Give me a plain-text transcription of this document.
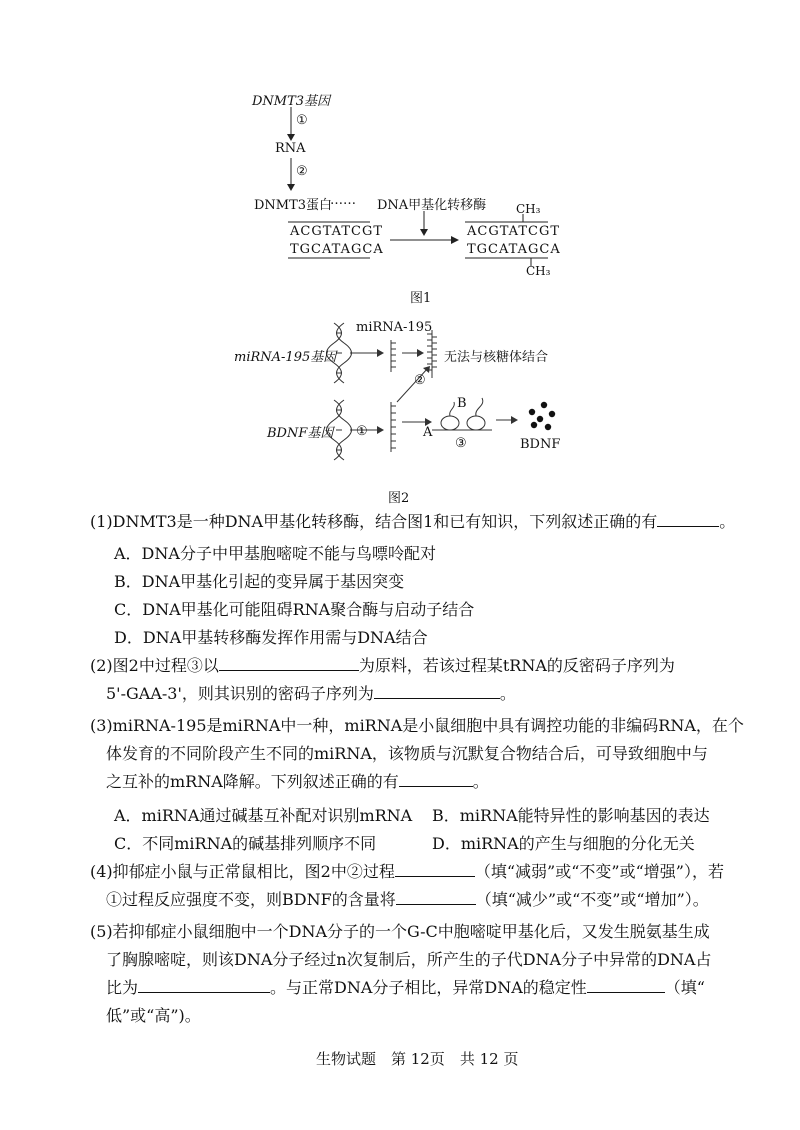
DNMT3基因
①
RNA
②
DNMT3蛋白
…… DNA甲基化转移酶
ACGTATCGT
TGCATAGCA
ACGTATCGT
TGCATAGCA
CH₃
CH₃
图1
miRNA-195
miRNA-195基因	无法与核糖体结合
②
BDNF基因 ①	A
B
③	BDNF
图2
(1)DNMT3是一种DNA甲基化转移酶，结合图1和已有知识，下列叙述正确的有	。
A．DNA分子中甲基胞嘧啶不能与鸟嘌呤配对
B．DNA甲基化引起的变异属于基因突变
C．DNA甲基化可能阻碍RNA聚合酶与启动子结合
D．DNA甲基转移酶发挥作用需与DNA结合
(2)图2中过程③以	为原料，若该过程某tRNA的反密码子序列为
5'-GAA-3'，则其识别的密码子序列为	。
(3)miRNA-195是miRNA中一种，miRNA是小鼠细胞中具有调控功能的非编码RNA，在个
体发育的不同阶段产生不同的miRNA，该物质与沉默复合物结合后，可导致细胞中与
之互补的mRNA降解。下列叙述正确的有	。
A．miRNA通过碱基互补配对识别mRNA B．miRNA能特异性的影响基因的表达
C．不同miRNA的碱基排列顺序不同	D．miRNA的产生与细胞的分化无关
(4)抑郁症小鼠与正常鼠相比，图2中②过程	（填“减弱”或“不变”或“增强”），若
①过程反应强度不变，则BDNF的含量将	（填“减少”或“不变”或“增加”）。
(5)若抑郁症小鼠细胞中一个DNA分子的一个G-C中胞嘧啶甲基化后，又发生脱氨基生成
了胸腺嘧啶，则该DNA分子经过n次复制后，所产生的子代DNA分子中异常的DNA占
比为	。与正常DNA分子相比，异常DNA的稳定性	（填“
低”或“高”)。
生物试题　第 12页　共 12 页
